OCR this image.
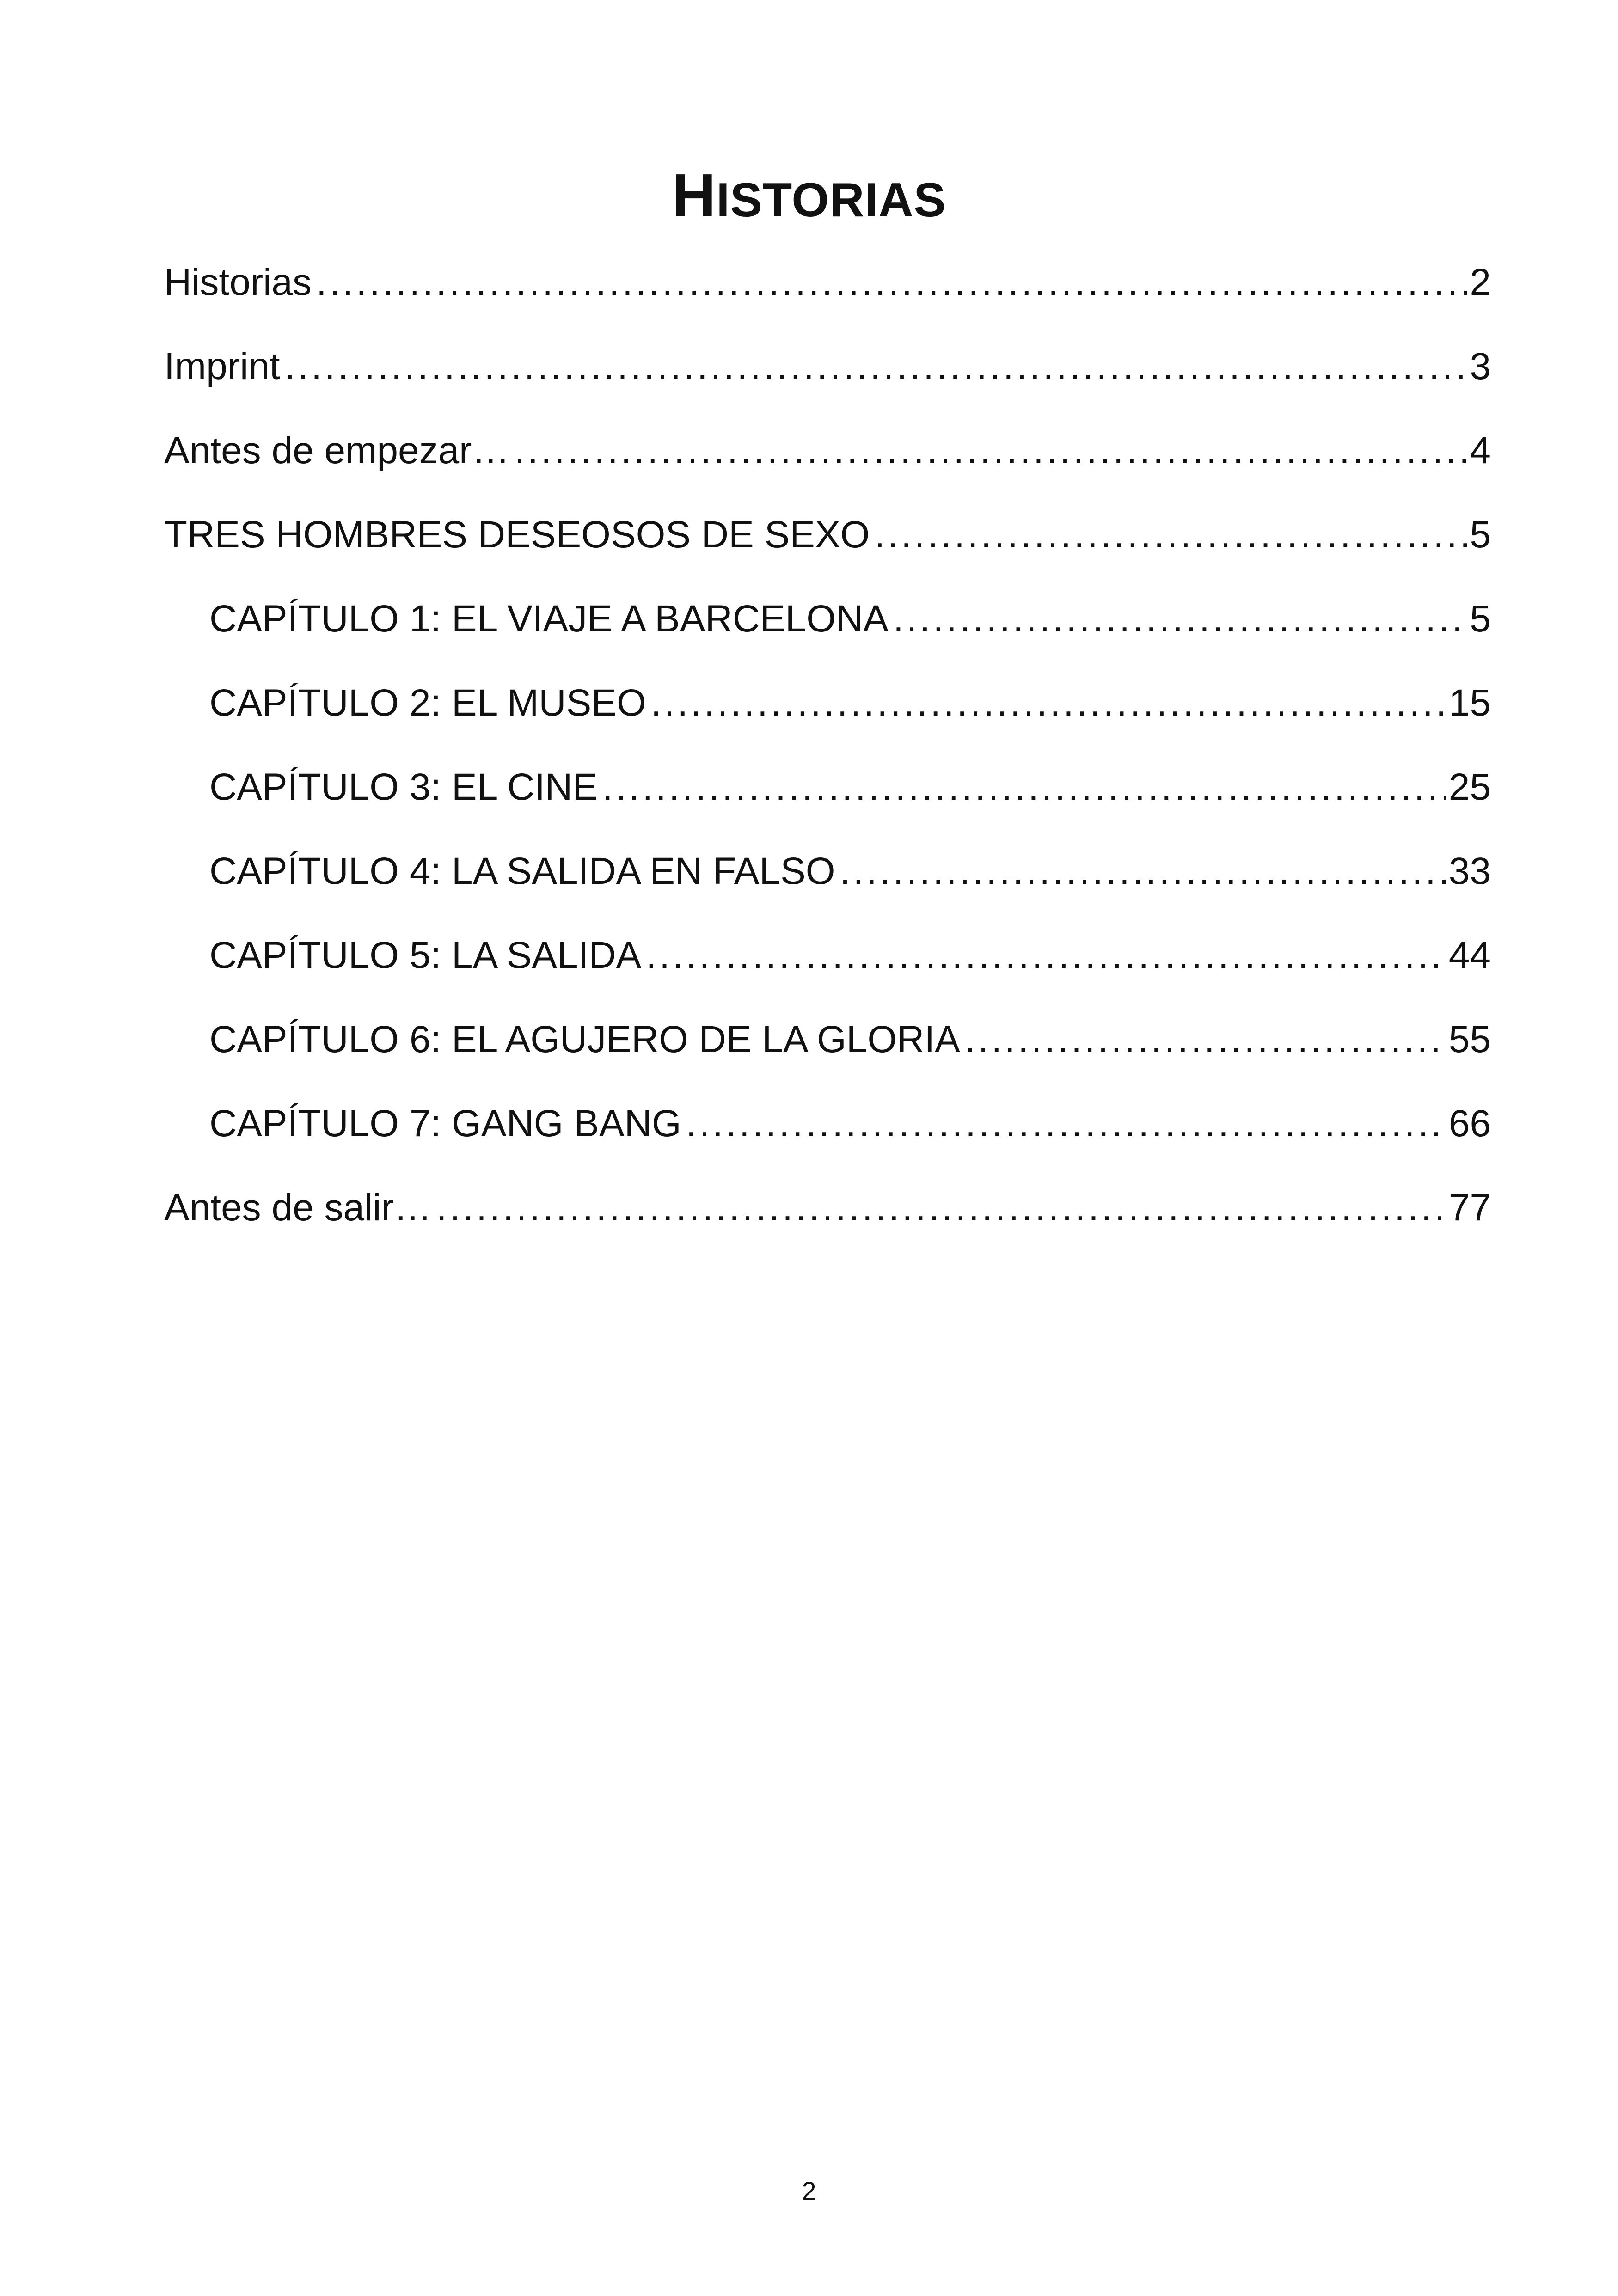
HISTORIAS
Historias .....	2
Imprint .....	3
Antes de empezar… .....	4
TRES HOMBRES DESEOSOS DE SEXO .....	5
CAPÍTULO 1: EL VIAJE A BARCELONA .....	5
CAPÍTULO 2: EL MUSEO .....	15
CAPÍTULO 3: EL CINE .....	25
CAPÍTULO 4: LA SALIDA EN FALSO .....	33
CAPÍTULO 5: LA SALIDA .....	44
CAPÍTULO 6: EL AGUJERO DE LA GLORIA .....	55
CAPÍTULO 7: GANG BANG .....	66
Antes de salir… .....	77
2
